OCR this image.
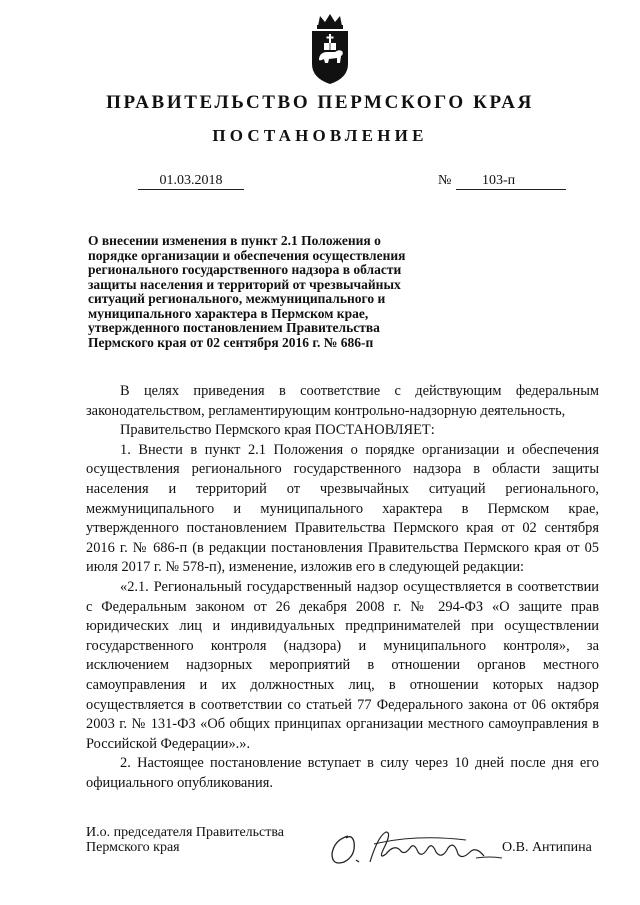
ПРАВИТЕЛЬСТВО ПЕРМСКОГО КРАЯ
ПОСТАНОВЛЕНИЕ
01.03.2018	№	103-п
О внесении изменения в пункт 2.1 Положения о порядке организации и обеспечения осуществления регионального государственного надзора в области защиты населения и территорий от чрезвычайных ситуаций регионального, межмуниципального и муниципального характера в Пермском крае, утвержденного постановлением Правительства Пермского края от 02 сентября 2016 г. № 686-п

В целях приведения в соответствие с действующим федеральным законодательством, регламентирующим контрольно-надзорную деятельность,

Правительство Пермского края ПОСТАНОВЛЯЕТ:

1. Внести в пункт 2.1 Положения о порядке организации и обеспечения осуществления регионального государственного надзора в области защиты населения и территорий от чрезвычайных ситуаций регионального, межмуниципального и муниципального характера в Пермском крае, утвержденного постановлением Правительства Пермского края от 02 сентября 2016 г. № 686-п (в редакции постановления Правительства Пермского края от 05 июля 2017 г. № 578-п), изменение, изложив его в следующей редакции:

«2.1. Региональный государственный надзор осуществляется в соответствии с Федеральным законом от 26 декабря 2008 г. № 294-ФЗ «О защите прав юридических лиц и индивидуальных предпринимателей при осуществлении государственного контроля (надзора) и муниципального контроля», за исключением надзорных мероприятий в отношении органов местного самоуправления и их должностных лиц, в отношении которых надзор осуществляется в соответствии со статьей 77 Федерального закона от 06 октября 2003 г. № 131-ФЗ «Об общих принципах организации местного самоуправления в Российской Федерации».».

2. Настоящее постановление вступает в силу через 10 дней после дня его официального опубликования.

И.о. председателя Правительства
Пермского края	О.В. Антипина
